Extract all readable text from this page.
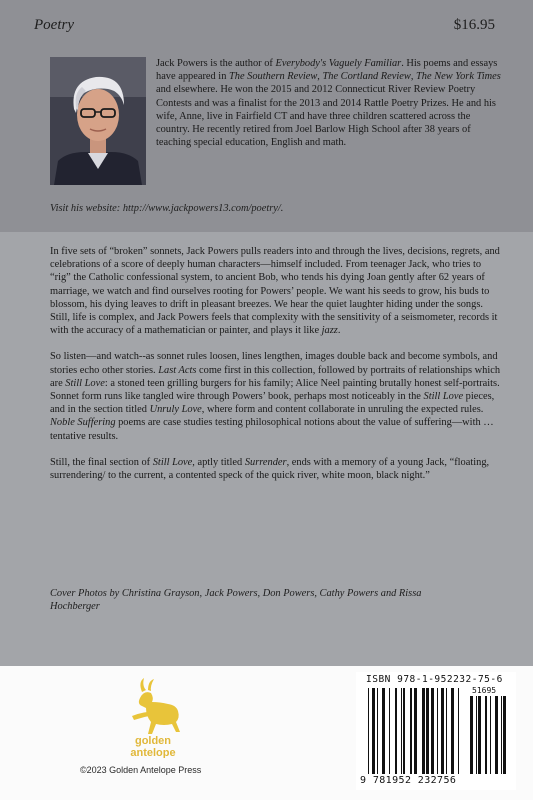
Poetry	$16.95
Jack Powers is the author of Everybody's Vaguely Familiar. His poems and essays have appeared in The Southern Review, The Cortland Review, The New York Times and elsewhere. He won the 2015 and 2012 Connecticut River Review Poetry Contests and was a finalist for the 2013 and 2014 Rattle Poetry Prizes. He and his wife, Anne, live in Fairfield CT and have three children scattered across the country. He recently retired from Joel Barlow High School after 38 years of teaching special education, English and math.
Visit his website: http://www.jackpowers13.com/poetry/.

In five sets of “broken” sonnets, Jack Powers pulls readers into and through the lives, decisions, regrets, and celebrations of a score of deeply human characters—himself included. From teenager Jack, who tries to “rig” the Catholic confessional system, to ancient Bob, who tends his dying Joan gently after 62 years of marriage, we watch and find ourselves rooting for Powers’ people. We want his seeds to grow, his buds to blossom, his dying leaves to drift in pleasant breezes. We hear the quiet laughter hiding under the songs. Still, life is complex, and Jack Powers feels that complexity with the sensitivity of a seismometer, records it with the accuracy of a mathematician or painter, and plays it like jazz.

So listen—and watch--as sonnet rules loosen, lines lengthen, images double back and become symbols, and stories echo other stories. Last Acts come first in this collection, followed by portraits of relationships which are Still Love: a stoned teen grilling burgers for his family; Alice Neel painting brutally honest self-portraits. Sonnet form runs like tangled wire through Powers’ book, perhaps most noticeably in the Still Love pieces, and in the section titled Unruly Love, where form and content collaborate in unruling the expected rules. Noble Suffering poems are case studies testing philosophical notions about the value of suffering—with … tentative results.

Still, the final section of Still Love, aptly titled Surrender, ends with a memory of a young Jack, “floating, surrendering/ to the current, a contented speck of the quick river, white moon, black night.”

Cover Photos by Christina Grayson, Jack Powers, Don Powers, Cathy Powers and Rissa Hochberger
golden
antelope
©2023 Golden Antelope Press
ISBN 978-1-952232-75-6
51695
9 781952 232756
